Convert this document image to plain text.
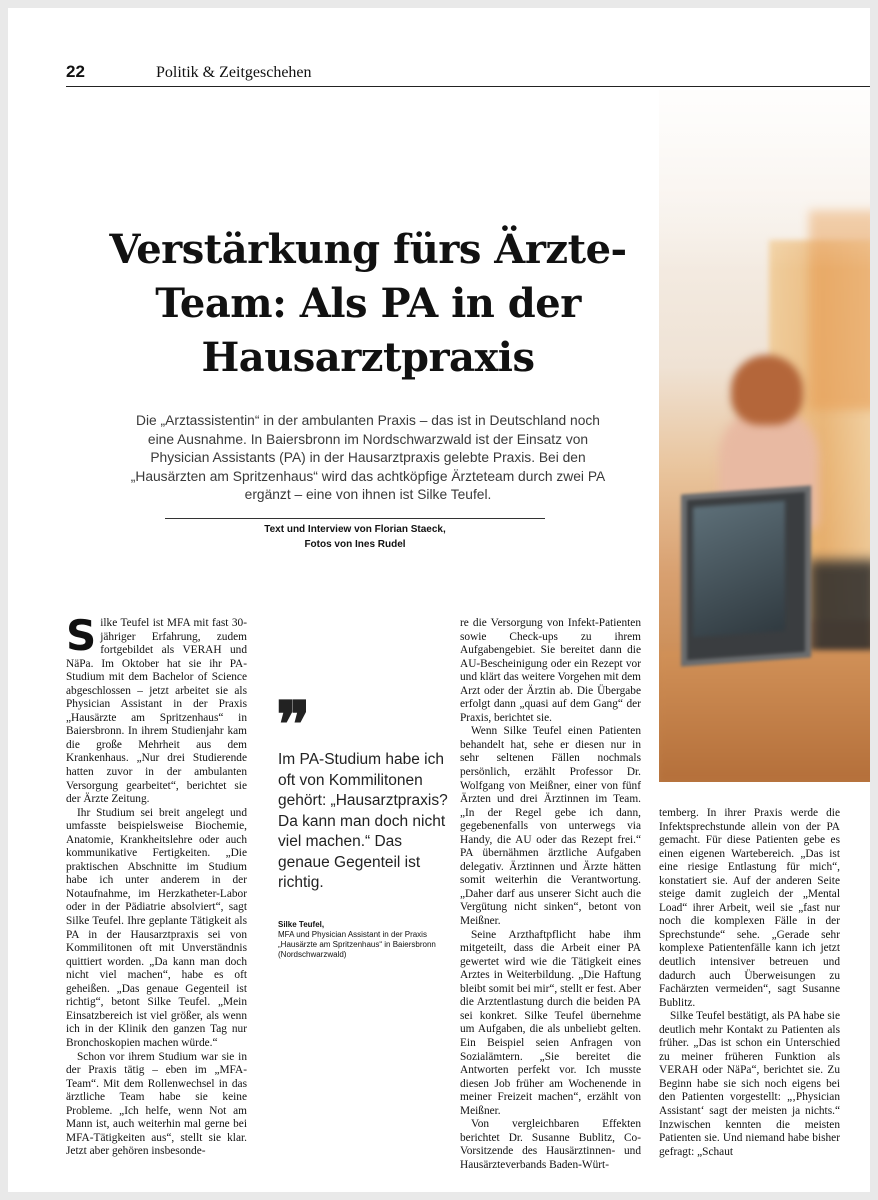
22	Politik & Zeitgeschehen
Verstärkung fürs Ärzte-Team: Als PA in der Hausarztpraxis

Die „Arztassistentin“ in der ambulanten Praxis – das ist in Deutschland noch eine Ausnahme. In Baiersbronn im Nordschwarzwald ist der Einsatz von Physician Assistants (PA) in der Hausarztpraxis gelebte Praxis. Bei den „Hausärzten am Spritzenhaus“ wird das achtköpfige Ärzteteam durch zwei PA ergänzt – eine von ihnen ist Silke Teufel.

Text und Interview von Florian Staeck,
Fotos von Ines Rudel

Silke Teufel ist MFA mit fast 30-jähriger Erfahrung, zudem fortgebildet als VERAH und NäPa. Im Oktober hat sie ihr PA-Studium mit dem Bachelor of Science abgeschlossen – jetzt arbeitet sie als Physician Assistant in der Praxis „Hausärzte am Spritzenhaus“ in Baiersbronn. In ihrem Studienjahr kam die große Mehrheit aus dem Krankenhaus. „Nur drei Studierende hatten zuvor in der ambulanten Versorgung gearbeitet“, berichtet sie der Ärzte Zeitung.

Ihr Studium sei breit angelegt und umfasste beispielsweise Biochemie, Anatomie, Krankheitslehre oder auch kommunikative Fertigkeiten. „Die praktischen Abschnitte im Studium habe ich unter anderem in der Notaufnahme, im Herzkatheter-Labor oder in der Pädiatrie absolviert“, sagt Silke Teufel. Ihre geplante Tätigkeit als PA in der Hausarztpraxis sei von Kommilitonen oft mit Unverständnis quittiert worden. „Da kann man doch nicht viel machen“, habe es oft geheißen. „Das genaue Gegenteil ist richtig“, betont Silke Teufel. „Mein Einsatzbereich ist viel größer, als wenn ich in der Klinik den ganzen Tag nur Bronchoskopien machen würde.“

Schon vor ihrem Studium war sie in der Praxis tätig – eben im „MFA-Team“. Mit dem Rollenwechsel in das ärztliche Team habe sie keine Probleme. „Ich helfe, wenn Not am Mann ist, auch weiterhin mal gerne bei MFA-Tätigkeiten aus“, stellt sie klar. Jetzt aber gehören insbesonde-

❞

Im PA-Studium habe ich oft von Kommilitonen gehört: „Hausarztpraxis? Da kann man doch nicht viel machen.“ Das genaue Gegenteil ist richtig.

Silke Teufel,
MFA und Physician Assistant in der Praxis „Hausärzte am Spritzenhaus“ in Baiersbronn (Nordschwarzwald)

re die Versorgung von Infekt-Patienten sowie Check-ups zu ihrem Aufgabengebiet. Sie bereitet dann die AU-Bescheinigung oder ein Rezept vor und klärt das weitere Vorgehen mit dem Arzt oder der Ärztin ab. Die Übergabe erfolgt dann „quasi auf dem Gang“ der Praxis, berichtet sie.

Wenn Silke Teufel einen Patienten behandelt hat, sehe er diesen nur in sehr seltenen Fällen nochmals persönlich, erzählt Professor Dr. Wolfgang von Meißner, einer von fünf Ärzten und drei Ärztinnen im Team. „In der Regel gebe ich dann, gegebenenfalls von unterwegs via Handy, die AU oder das Rezept frei.“ PA übernähmen ärztliche Aufgaben delegativ. Ärztinnen und Ärzte hätten somit weiterhin die Verantwortung. „Daher darf aus unserer Sicht auch die Vergütung nicht sinken“, betont von Meißner.

Seine Arzthaftpflicht habe ihm mitgeteilt, dass die Arbeit einer PA gewertet wird wie die Tätigkeit eines Arztes in Weiterbildung. „Die Haftung bleibt somit bei mir“, stellt er fest. Aber die Arztentlastung durch die beiden PA sei konkret. Silke Teufel übernehme um Aufgaben, die als unbeliebt gelten. Ein Beispiel seien Anfragen von Sozialämtern. „Sie bereitet die Antworten perfekt vor. Ich musste diesen Job früher am Wochenende in meiner Freizeit machen“, erzählt von Meißner.

Von vergleichbaren Effekten berichtet Dr. Susanne Bublitz, Co-Vorsitzende des Hausärztinnen- und Hausärzteverbands Baden-Würt-

temberg. In ihrer Praxis werde die Infektsprechstunde allein von der PA gemacht. Für diese Patienten gebe es einen eigenen Wartebereich. „Das ist eine riesige Entlastung für mich“, konstatiert sie. Auf der anderen Seite steige damit zugleich der „Mental Load“ ihrer Arbeit, weil sie „fast nur noch die komplexen Fälle in der Sprechstunde“ sehe. „Gerade sehr komplexe Patientenfälle kann ich jetzt deutlich intensiver betreuen und dadurch auch Überweisungen zu Fachärzten vermeiden“, sagt Susanne Bublitz.

Silke Teufel bestätigt, als PA habe sie deutlich mehr Kontakt zu Patienten als früher. „Das ist schon ein Unterschied zu meiner früheren Funktion als VERAH oder NäPa“, berichtet sie. Zu Beginn habe sie sich noch eigens bei den Patienten vorgestellt: „‚Physician Assistant‘ sagt der meisten ja nichts.“ Inzwischen kennten die meisten Patienten sie. Und niemand habe bisher gefragt: „Schaut
